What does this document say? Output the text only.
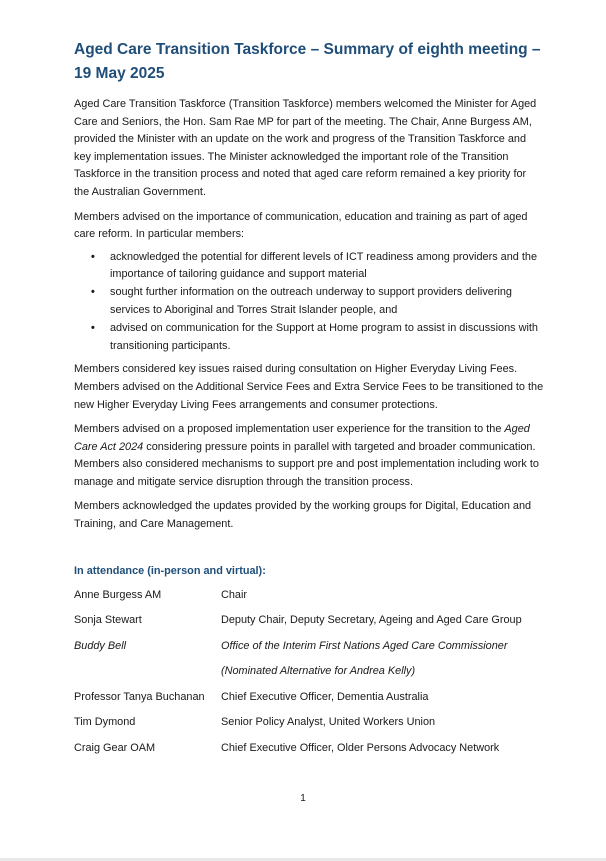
Aged Care Transition Taskforce – Summary of eighth meeting – 19 May 2025

Aged Care Transition Taskforce (Transition Taskforce) members welcomed the Minister for Aged Care and Seniors, the Hon. Sam Rae MP for part of the meeting. The Chair, Anne Burgess AM, provided the Minister with an update on the work and progress of the Transition Taskforce and key implementation issues. The Minister acknowledged the important role of the Transition Taskforce in the transition process and noted that aged care reform remained a key priority for the Australian Government.

Members advised on the importance of communication, education and training as part of aged care reform. In particular members:

• acknowledged the potential for different levels of ICT readiness among providers and the importance of tailoring guidance and support material
• sought further information on the outreach underway to support providers delivering services to Aboriginal and Torres Strait Islander people, and
• advised on communication for the Support at Home program to assist in discussions with transitioning participants.

Members considered key issues raised during consultation on Higher Everyday Living Fees. Members advised on the Additional Service Fees and Extra Service Fees to be transitioned to the new Higher Everyday Living Fees arrangements and consumer protections.

Members advised on a proposed implementation user experience for the transition to the Aged Care Act 2024 considering pressure points in parallel with targeted and broader communication. Members also considered mechanisms to support pre and post implementation including work to manage and mitigate service disruption through the transition process.

Members acknowledged the updates provided by the working groups for Digital, Education and Training, and Care Management.

In attendance (in-person and virtual):
Anne Burgess AM	Chair
Sonja Stewart	Deputy Chair, Deputy Secretary, Ageing and Aged Care Group
Buddy Bell	Office of the Interim First Nations Aged Care Commissioner
(Nominated Alternative for Andrea Kelly)
Professor Tanya Buchanan	Chief Executive Officer, Dementia Australia
Tim Dymond	Senior Policy Analyst, United Workers Union
Craig Gear OAM	Chief Executive Officer, Older Persons Advocacy Network
1
